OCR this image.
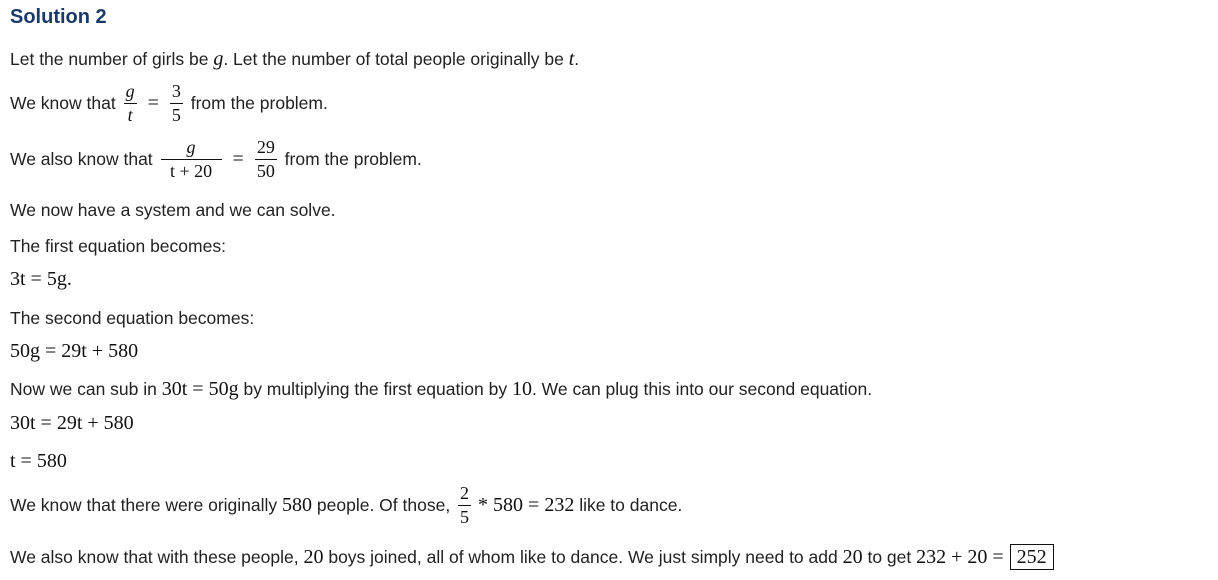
Solution 2
Let the number of girls be g . Let the number of total people originally be t .
We know that $\frac{g}{t} = \frac{3}{5}$ from the problem.
We also know that $\frac{g}{t + 20} = \frac{29}{50}$ from the problem.
We now have a system and we can solve.
The first equation becomes:
3t = 5g.
The second equation becomes:
50g = 29t + 580
Now we can sub in 30t = 50g by multiplying the first equation by 10 . We can plug this into our second equation.
30t = 29t + 580
t = 580
We know that there were originally 580 people. Of those, $\frac{2}{5} * 580 = 232$ like to dance.
We also know that with these people, 20 boys joined, all of whom like to dance. We just simply need to add 20 to get 232 + 20 = 252
